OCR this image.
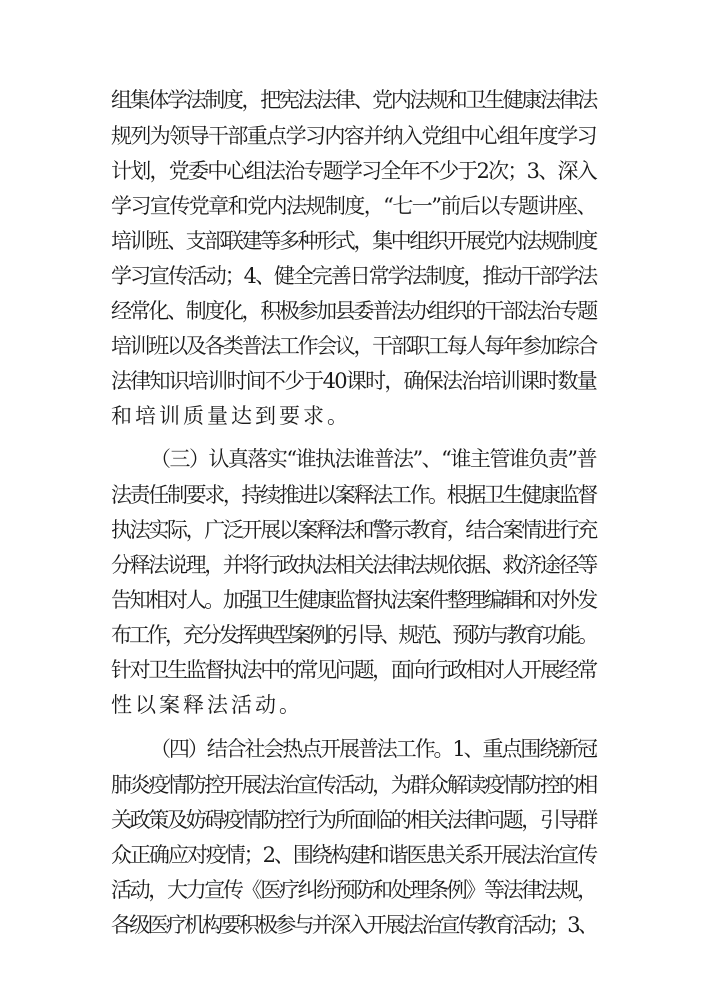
组集体学法制度，把宪法法律、党内法规和卫生健康法律法
规列为领导干部重点学习内容并纳入党组中心组年度学习
计划，党委中心组法治专题学习全年不少于2次；3、深入
学习宣传党章和党内法规制度，“七一”前后以专题讲座、
培训班、支部联建等多种形式，集中组织开展党内法规制度
学习宣传活动；4、健全完善日常学法制度，推动干部学法
经常化、制度化，积极参加县委普法办组织的干部法治专题
培训班以及各类普法工作会议，干部职工每人每年参加综合
法律知识培训时间不少于40课时，确保法治培训课时数量
和培训质量达到要求。
（三）认真落实“谁执法谁普法”、“谁主管谁负责”普
法责任制要求，持续推进以案释法工作。根据卫生健康监督
执法实际，广泛开展以案释法和警示教育，结合案情进行充
分释法说理，并将行政执法相关法律法规依据、救济途径等
告知相对人。加强卫生健康监督执法案件整理编辑和对外发
布工作，充分发挥典型案例的引导、规范、预防与教育功能。
针对卫生监督执法中的常见问题，面向行政相对人开展经常
性以案释法活动。
（四）结合社会热点开展普法工作。1、重点围绕新冠
肺炎疫情防控开展法治宣传活动，为群众解读疫情防控的相
关政策及妨碍疫情防控行为所面临的相关法律问题，引导群
众正确应对疫情；2、围绕构建和谐医患关系开展法治宣传
活动，大力宣传《医疗纠纷预防和处理条例》等法律法规，
各级医疗机构要积极参与并深入开展法治宣传教育活动；3、
